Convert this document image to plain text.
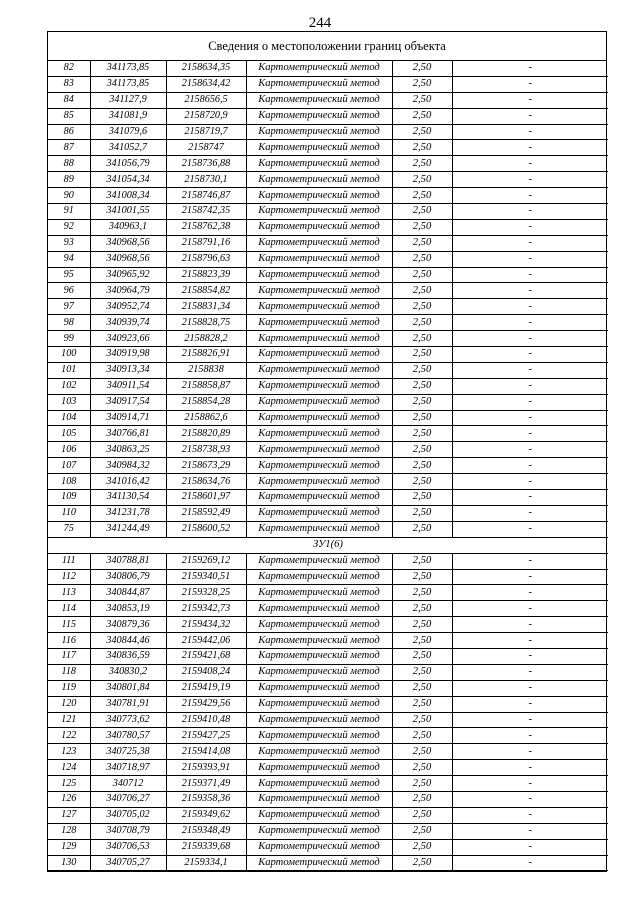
244
Сведения о местоположении границ объекта
82	341173,85	2158634,35	Картометрический метод	2,50	-
83	341173,85	2158634,42	Картометрический метод	2,50	-
84	341127,9	2158656,5	Картометрический метод	2,50	-
85	341081,9	2158720,9	Картометрический метод	2,50	-
86	341079,6	2158719,7	Картометрический метод	2,50	-
87	341052,7	2158747	Картометрический метод	2,50	-
88	341056,79	2158736,88	Картометрический метод	2,50	-
89	341054,34	2158730,1	Картометрический метод	2,50	-
90	341008,34	2158746,87	Картометрический метод	2,50	-
91	341001,55	2158742,35	Картометрический метод	2,50	-
92	340963,1	2158762,38	Картометрический метод	2,50	-
93	340968,56	2158791,16	Картометрический метод	2,50	-
94	340968,56	2158796,63	Картометрический метод	2,50	-
95	340965,92	2158823,39	Картометрический метод	2,50	-
96	340964,79	2158854,82	Картометрический метод	2,50	-
97	340952,74	2158831,34	Картометрический метод	2,50	-
98	340939,74	2158828,75	Картометрический метод	2,50	-
99	340923,66	2158828,2	Картометрический метод	2,50	-
100	340919,98	2158826,91	Картометрический метод	2,50	-
101	340913,34	2158838	Картометрический метод	2,50	-
102	340911,54	2158858,87	Картометрический метод	2,50	-
103	340917,54	2158854,28	Картометрический метод	2,50	-
104	340914,71	2158862,6	Картометрический метод	2,50	-
105	340766,81	2158820,89	Картометрический метод	2,50	-
106	340863,25	2158738,93	Картометрический метод	2,50	-
107	340984,32	2158673,29	Картометрический метод	2,50	-
108	341016,42	2158634,76	Картометрический метод	2,50	-
109	341130,54	2158601,97	Картометрический метод	2,50	-
110	341231,78	2158592,49	Картометрический метод	2,50	-
75	341244,49	2158600,52	Картометрический метод	2,50	-
ЗУ1(6)					
111	340788,81	2159269,12	Картометрический метод	2,50	-
112	340806,79	2159340,51	Картометрический метод	2,50	-
113	340844,87	2159328,25	Картометрический метод	2,50	-
114	340853,19	2159342,73	Картометрический метод	2,50	-
115	340879,36	2159434,32	Картометрический метод	2,50	-
116	340844,46	2159442,06	Картометрический метод	2,50	-
117	340836,59	2159421,68	Картометрический метод	2,50	-
118	340830,2	2159408,24	Картометрический метод	2,50	-
119	340801,84	2159419,19	Картометрический метод	2,50	-
120	340781,91	2159429,56	Картометрический метод	2,50	-
121	340773,62	2159410,48	Картометрический метод	2,50	-
122	340780,57	2159427,25	Картометрический метод	2,50	-
123	340725,38	2159414,08	Картометрический метод	2,50	-
124	340718,97	2159393,91	Картометрический метод	2,50	-
125	340712	2159371,49	Картометрический метод	2,50	-
126	340706,27	2159358,36	Картометрический метод	2,50	-
127	340705,02	2159349,62	Картометрический метод	2,50	-
128	340708,79	2159348,49	Картометрический метод	2,50	-
129	340706,53	2159339,68	Картометрический метод	2,50	-
130	340705,27	2159334,1	Картометрический метод	2,50	-
